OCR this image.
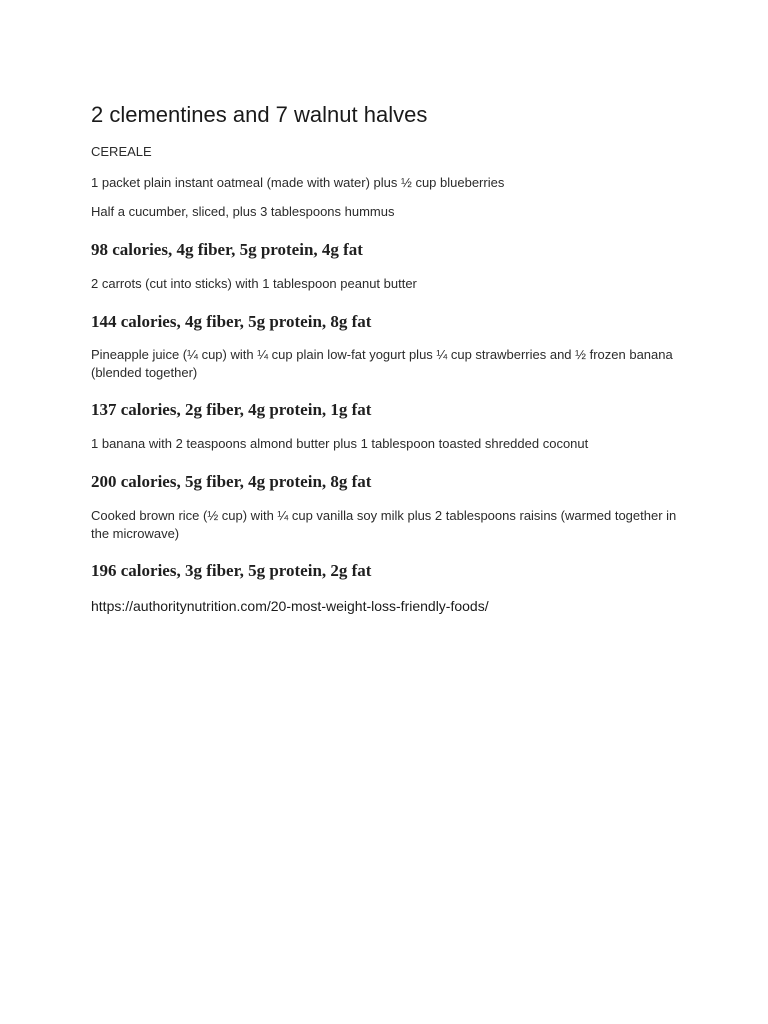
2 clementines and 7 walnut halves

CEREALE

1 packet plain instant oatmeal (made with water) plus ½ cup blueberries

Half a cucumber, sliced, plus 3 tablespoons hummus

98 calories, 4g fiber, 5g protein, 4g fat

2 carrots (cut into sticks) with 1 tablespoon peanut butter

144 calories, 4g fiber, 5g protein, 8g fat

Pineapple juice (¼ cup) with ¼ cup plain low-fat yogurt plus ¼ cup strawberries and ½ frozen banana (blended together)

137 calories, 2g fiber, 4g protein, 1g fat

1 banana with 2 teaspoons almond butter plus 1 tablespoon toasted shredded coconut

200 calories, 5g fiber, 4g protein, 8g fat

Cooked brown rice (½ cup) with ¼ cup vanilla soy milk plus 2 tablespoons raisins (warmed together in the microwave)

196 calories, 3g fiber, 5g protein, 2g fat

https://authoritynutrition.com/20-most-weight-loss-friendly-foods/
